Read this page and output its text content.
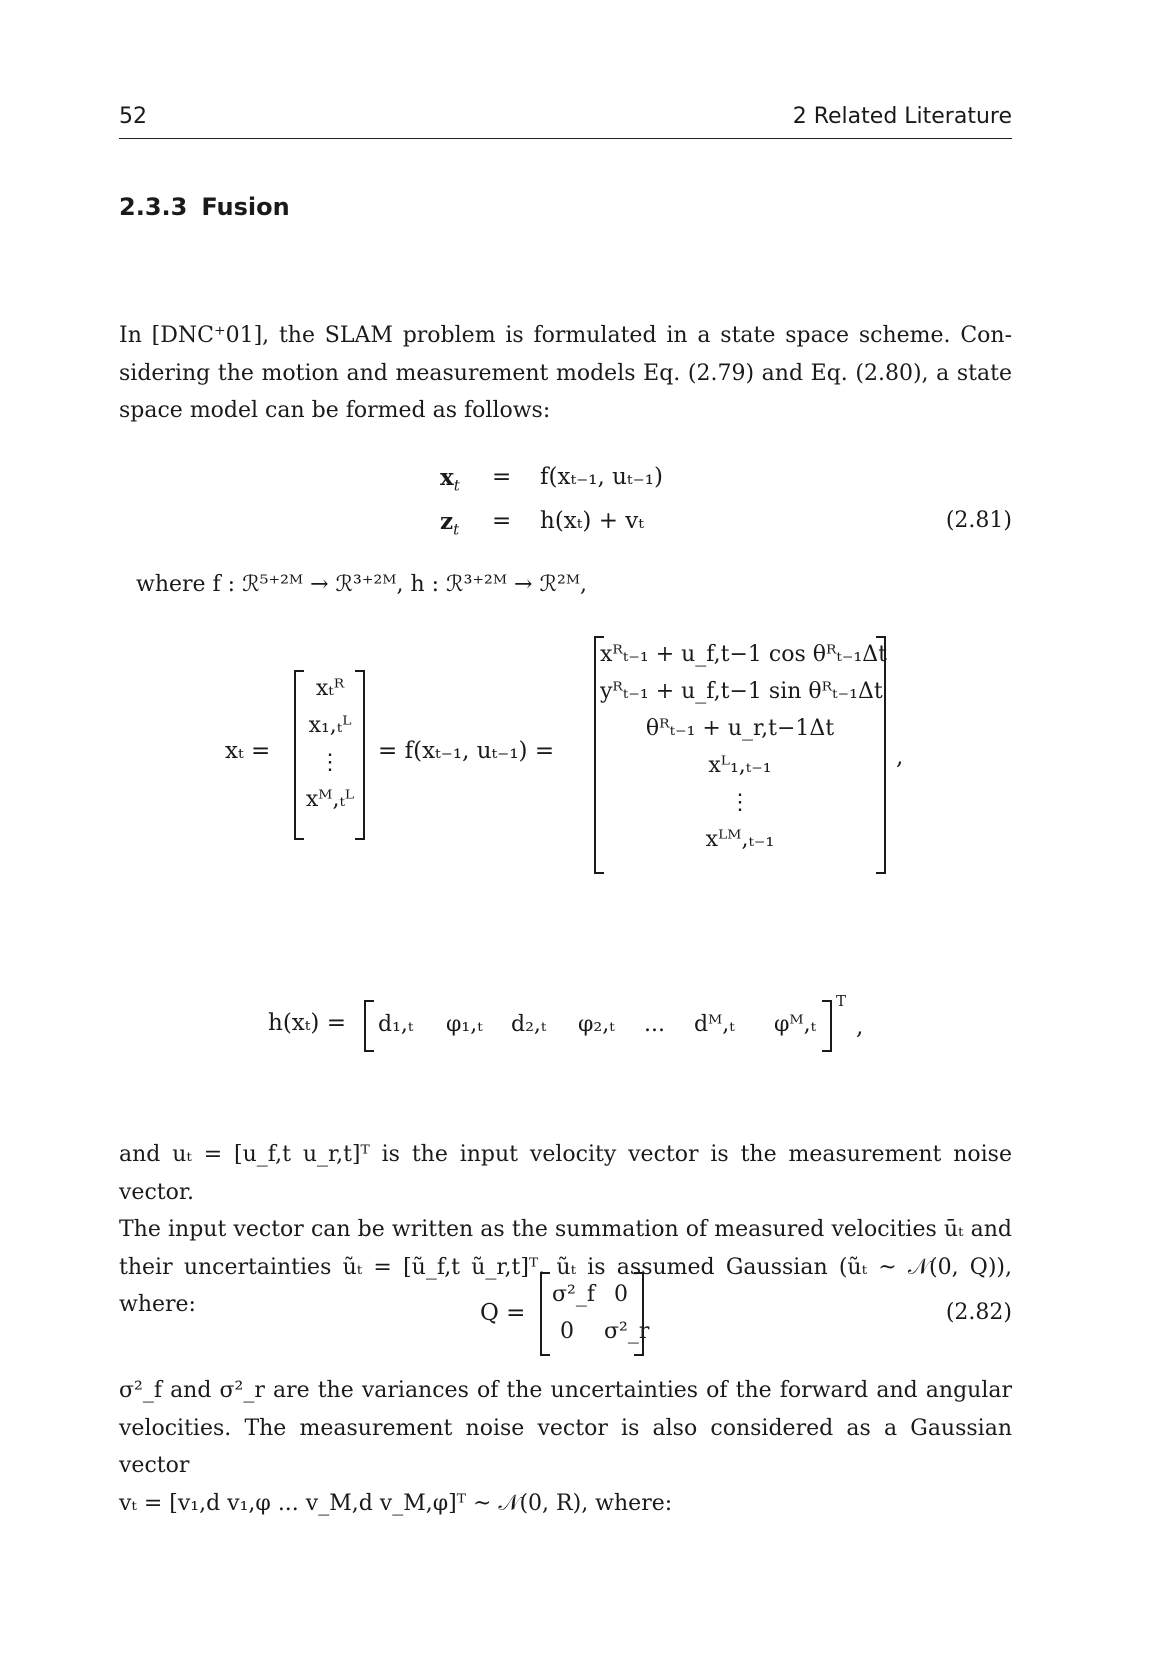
52	2 Related Literature
2.3.3 Fusion
In [DNC⁺01], the SLAM problem is formulated in a state space scheme. Con-
sidering the motion and measurement models Eq. (2.79) and Eq. (2.80), a state
space model can be formed as follows:
$x_t = f(x_{t-1}$, uₜ₋₁)
$z_t = h(x_t) + v_t$	(2.81)
where f : ℛ⁵⁺²ᴹ → ℛ³⁺²ᴹ, h : ℛ³⁺²ᴹ → ℛ²ᴹ,
xₜ =
xₜᴿ
x₁,ₜᴸ
⋮
xᴹ,ₜᴸ
= f(xₜ₋₁, uₜ₋₁) =
xᴿₜ₋₁ + u_f,t−1 cos θᴿₜ₋₁Δt
yᴿₜ₋₁ + u_f,t−1 sin θᴿₜ₋₁Δt
θᴿₜ₋₁ + u_r,t−1Δt
xᴸ₁,ₜ₋₁
⋮
xᴸᴹ,ₜ₋₁
,
h(xₜ) = d₁,ₜ φ₁,ₜ d₂,ₜ φ₂,ₜ ... dᴹ,ₜ φᴹ,ₜ
T
,
and uₜ = [u_f,t u_r,t]ᵀ is the input velocity vector is the measurement noise vector.
The input vector can be written as the summation of measured velocities ūₜ and
their uncertainties ũₜ = [ũ_f,t ũ_r,t]ᵀ. ũₜ is assumed Gaussian (ũₜ ~ 𝒩(0, Q)),
where:	Q =
σ²_f 0
0 σ²_r
(2.82)
σ²_f and σ²_r are the variances of the uncertainties of the forward and angular
velocities. The measurement noise vector is also considered as a Gaussian vector
vₜ = [v₁,d v₁,φ ... v_M,d v_M,φ]ᵀ ~ 𝒩(0, R), where:
